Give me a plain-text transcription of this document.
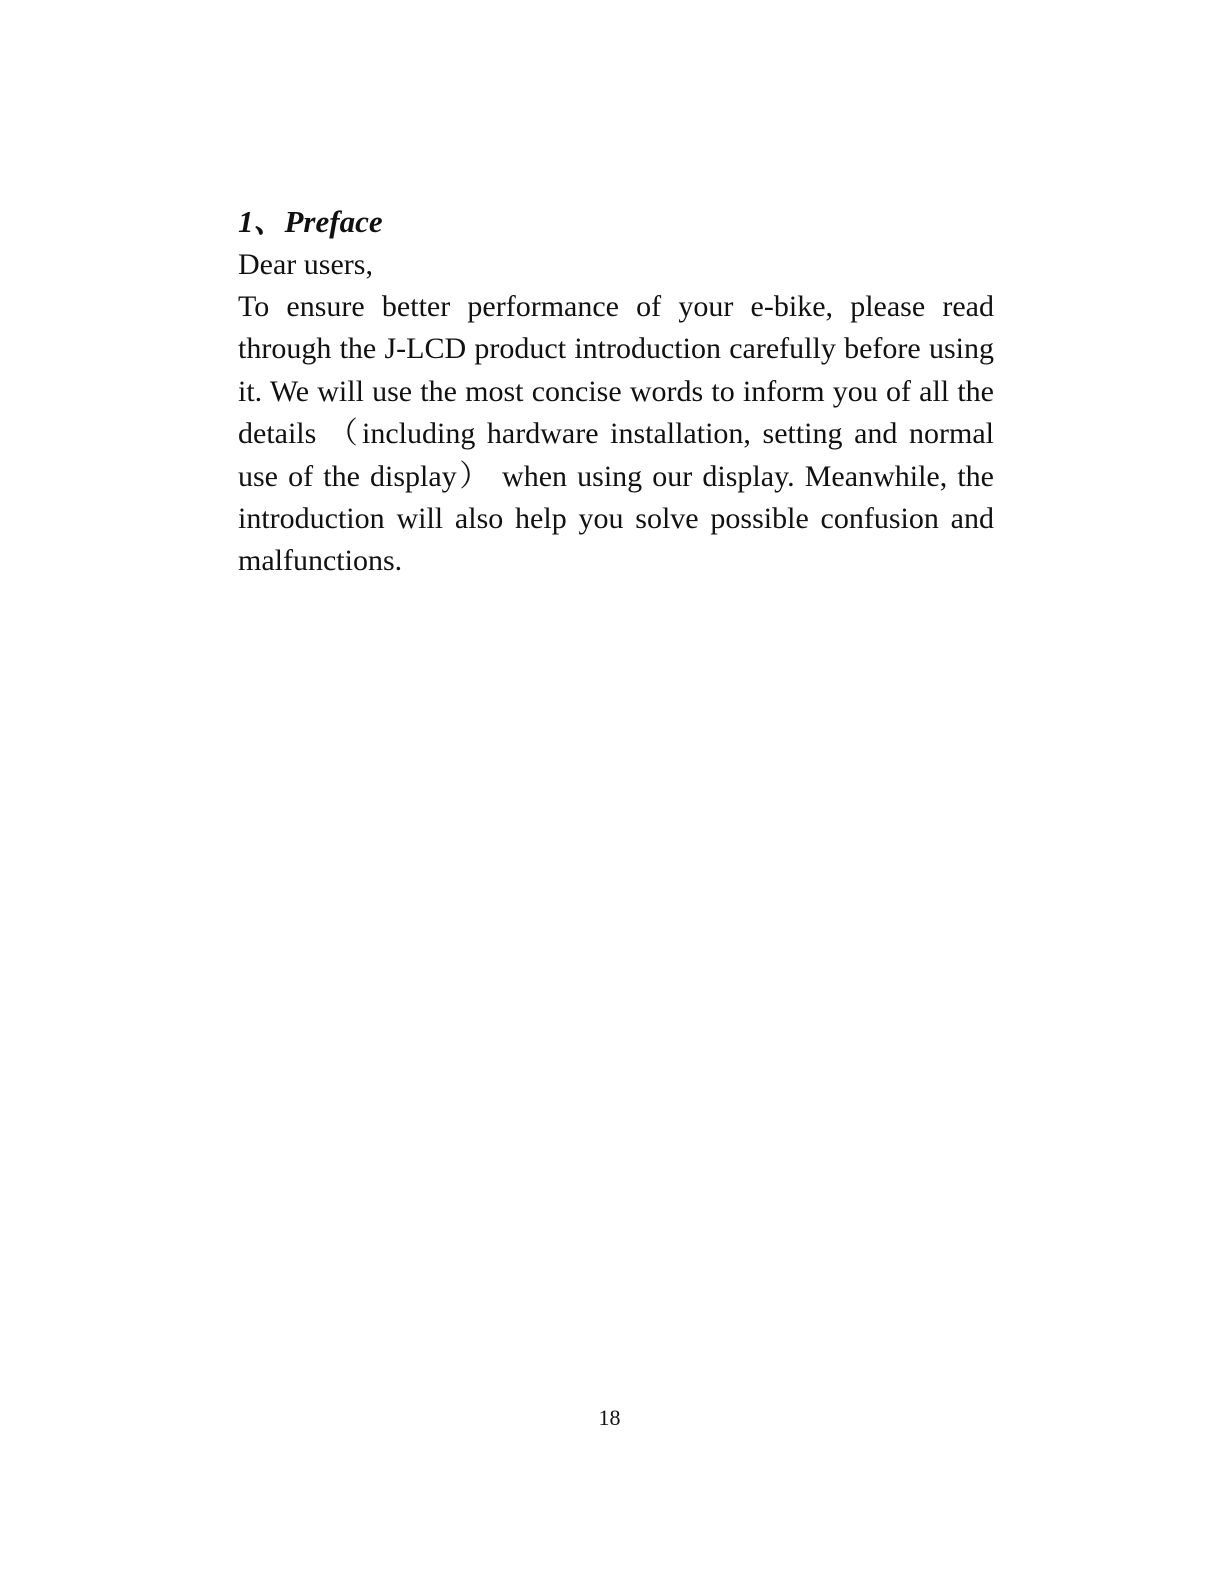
1、Preface

Dear users,

To ensure better performance of your e-bike, please read through the J-LCD product introduction carefully before using it. We will use the most concise words to inform you of all the details （including hardware installation, setting and normal use of the display） when using our display. Meanwhile, the introduction will also help you solve possible confusion and malfunctions.

18
